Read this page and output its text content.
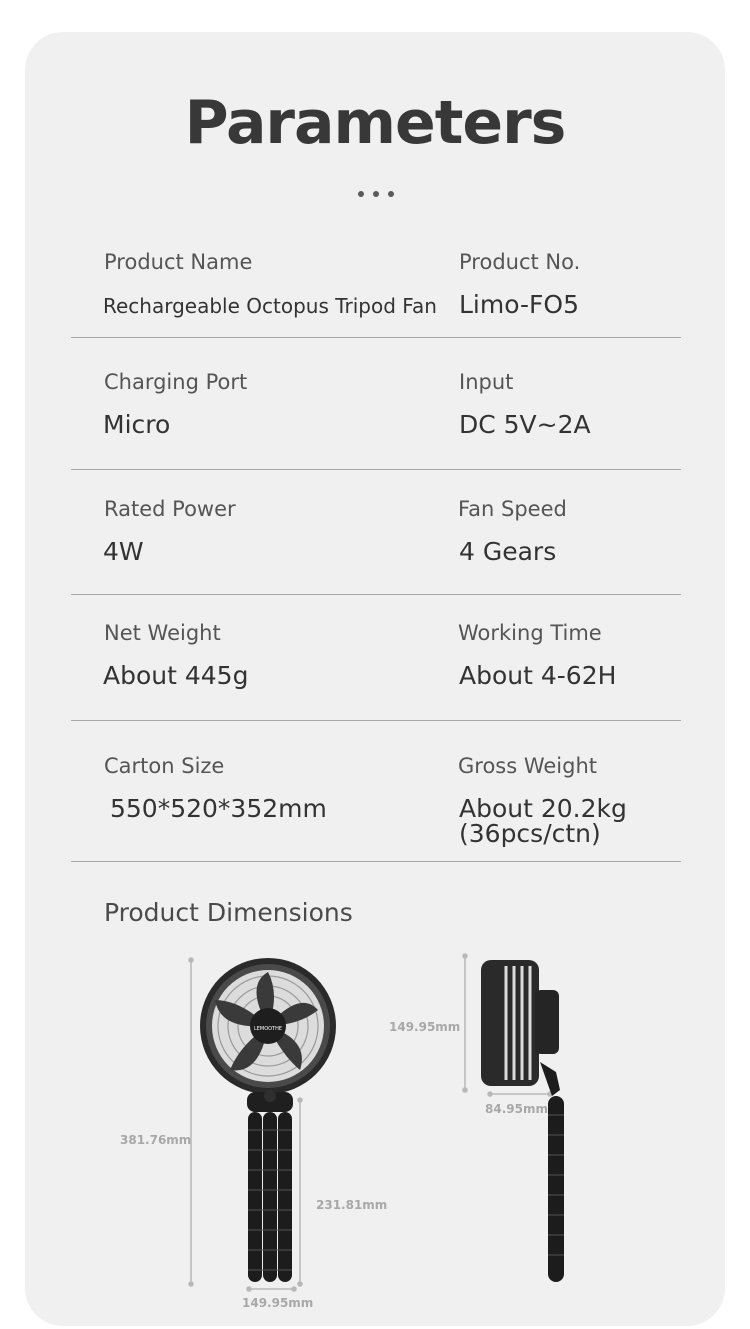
Parameters
Product Name
Rechargeable Octopus Tripod Fan
Product No.
Limo-FO5
Charging Port
Micro
Input
DC 5V~2A
Rated Power
4W
Fan Speed
4 Gears
Net Weight
About 445g
Working Time
About 4-62H
Carton Size
550*520*352mm
Gross Weight
About 20.2kg
(36pcs/ctn)
Product Dimensions
LEMOOTHE
381.76mm
231.81mm
149.95mm
149.95mm
84.95mm
